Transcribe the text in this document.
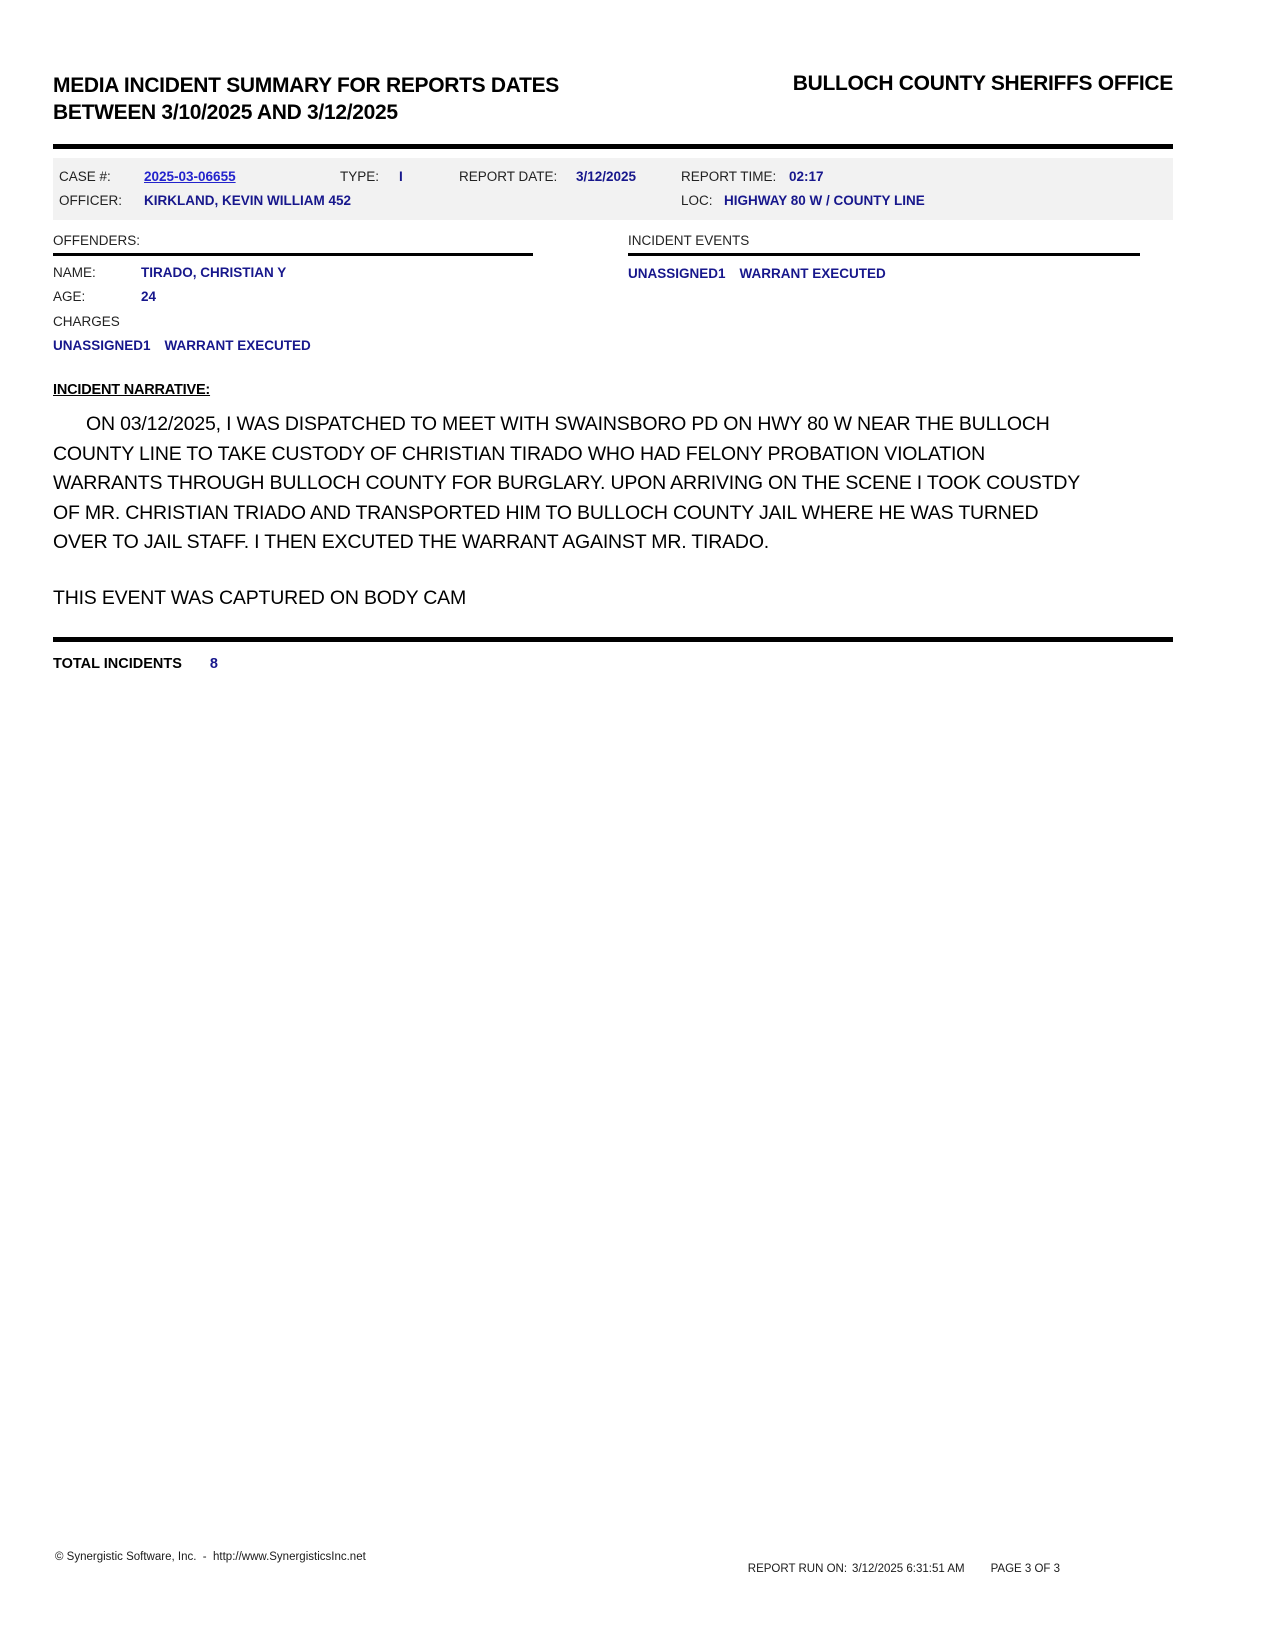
MEDIA INCIDENT SUMMARY FOR REPORTS DATES
BETWEEN 3/10/2025 AND 3/12/2025
BULLOCH COUNTY SHERIFFS OFFICE
CASE #: 2025-03-06655	TYPE: I	REPORT DATE: 3/12/2025	REPORT TIME: 02:17
OFFICER: KIRKLAND, KEVIN WILLIAM 452	LOC: HIGHWAY 80 W / COUNTY LINE
OFFENDERS:
NAME:	TIRADO, CHRISTIAN Y
AGE:	24
CHARGES
UNASSIGNED1 WARRANT EXECUTED
INCIDENT EVENTS
UNASSIGNED1 WARRANT EXECUTED
INCIDENT NARRATIVE:
ON 03/12/2025, I WAS DISPATCHED TO MEET WITH SWAINSBORO PD ON HWY 80 W NEAR THE BULLOCH COUNTY LINE TO TAKE CUSTODY OF CHRISTIAN TIRADO WHO HAD FELONY PROBATION VIOLATION WARRANTS THROUGH BULLOCH COUNTY FOR BURGLARY. UPON ARRIVING ON THE SCENE I TOOK COUSTDY OF MR. CHRISTIAN TRIADO AND TRANSPORTED HIM TO BULLOCH COUNTY JAIL WHERE HE WAS TURNED OVER TO JAIL STAFF. I THEN EXCUTED THE WARRANT AGAINST MR. TIRADO.
THIS EVENT WAS CAPTURED ON BODY CAM
TOTAL INCIDENTS 8
© Synergistic Software, Inc.  -  http://www.SynergisticsInc.net

REPORT RUN ON: 3/12/2025 6:31:51 AM PAGE 3 OF 3
